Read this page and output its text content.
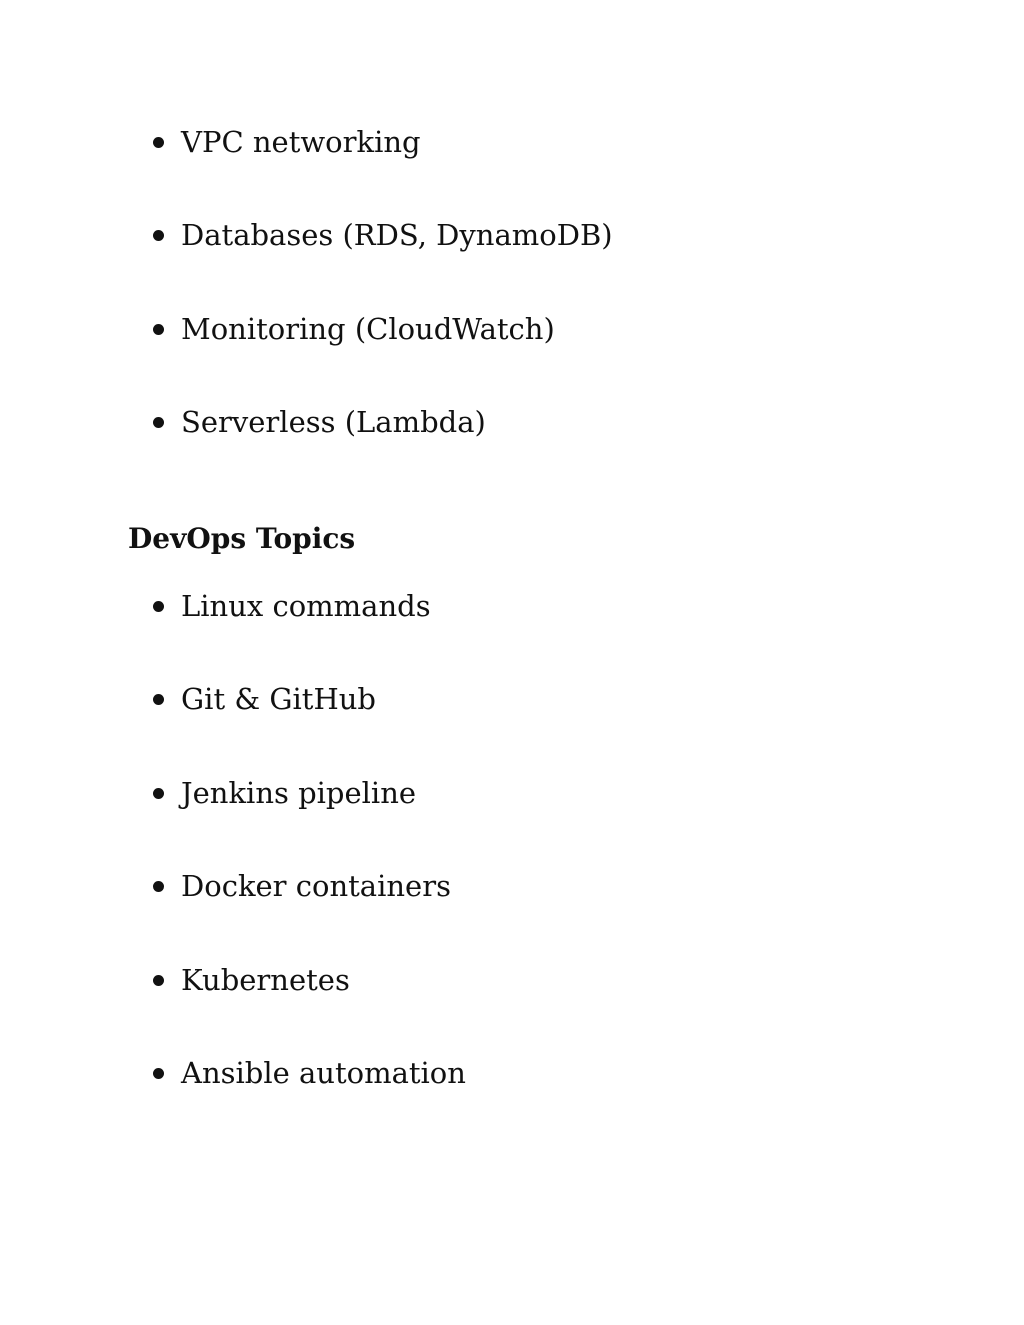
VPC networking
Databases (RDS, DynamoDB)
Monitoring (CloudWatch)
Serverless (Lambda)
DevOps Topics
Linux commands
Git & GitHub
Jenkins pipeline
Docker containers
Kubernetes
Ansible automation
